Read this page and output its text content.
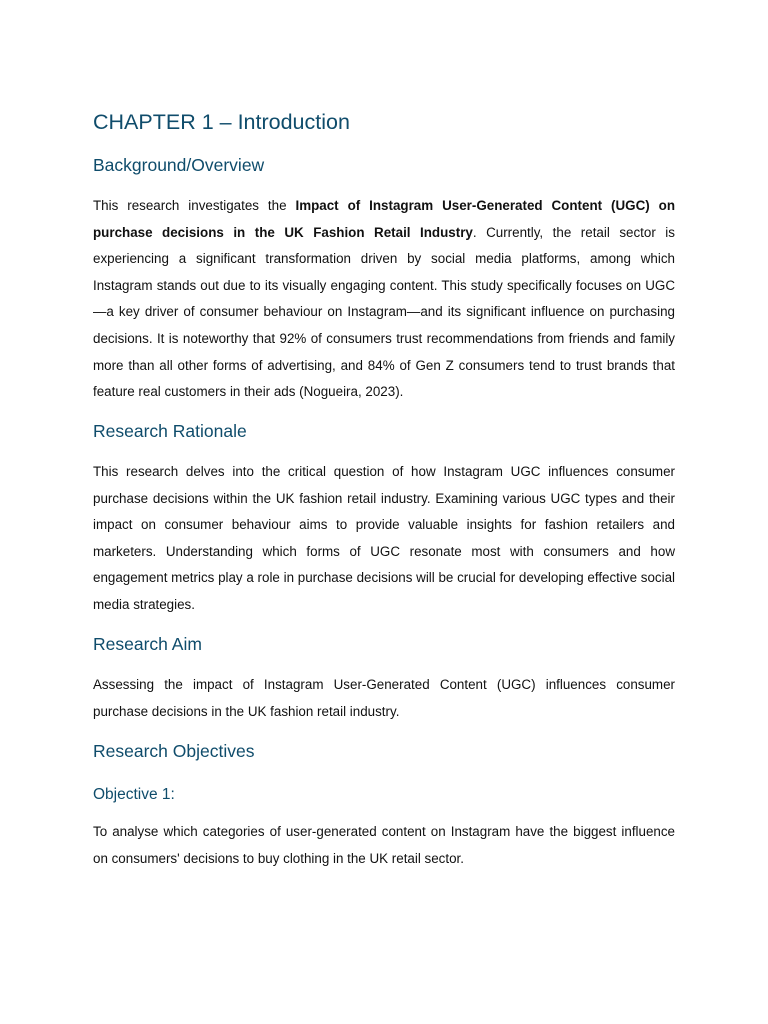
CHAPTER 1 – Introduction
Background/Overview

This research investigates the Impact of Instagram User-Generated Content (UGC) on purchase decisions in the UK Fashion Retail Industry. Currently, the retail sector is experiencing a significant transformation driven by social media platforms, among which Instagram stands out due to its visually engaging content. This study specifically focuses on UGC—a key driver of consumer behaviour on Instagram—and its significant influence on purchasing decisions. It is noteworthy that 92% of consumers trust recommendations from friends and family more than all other forms of advertising, and 84% of Gen Z consumers tend to trust brands that feature real customers in their ads (Nogueira, 2023).

Research Rationale

This research delves into the critical question of how Instagram UGC influences consumer purchase decisions within the UK fashion retail industry. Examining various UGC types and their impact on consumer behaviour aims to provide valuable insights for fashion retailers and marketers. Understanding which forms of UGC resonate most with consumers and how engagement metrics play a role in purchase decisions will be crucial for developing effective social media strategies.

Research Aim

Assessing the impact of Instagram User-Generated Content (UGC) influences consumer purchase decisions in the UK fashion retail industry.

Research Objectives
Objective 1:

To analyse which categories of user-generated content on Instagram have the biggest influence on consumers' decisions to buy clothing in the UK retail sector.
